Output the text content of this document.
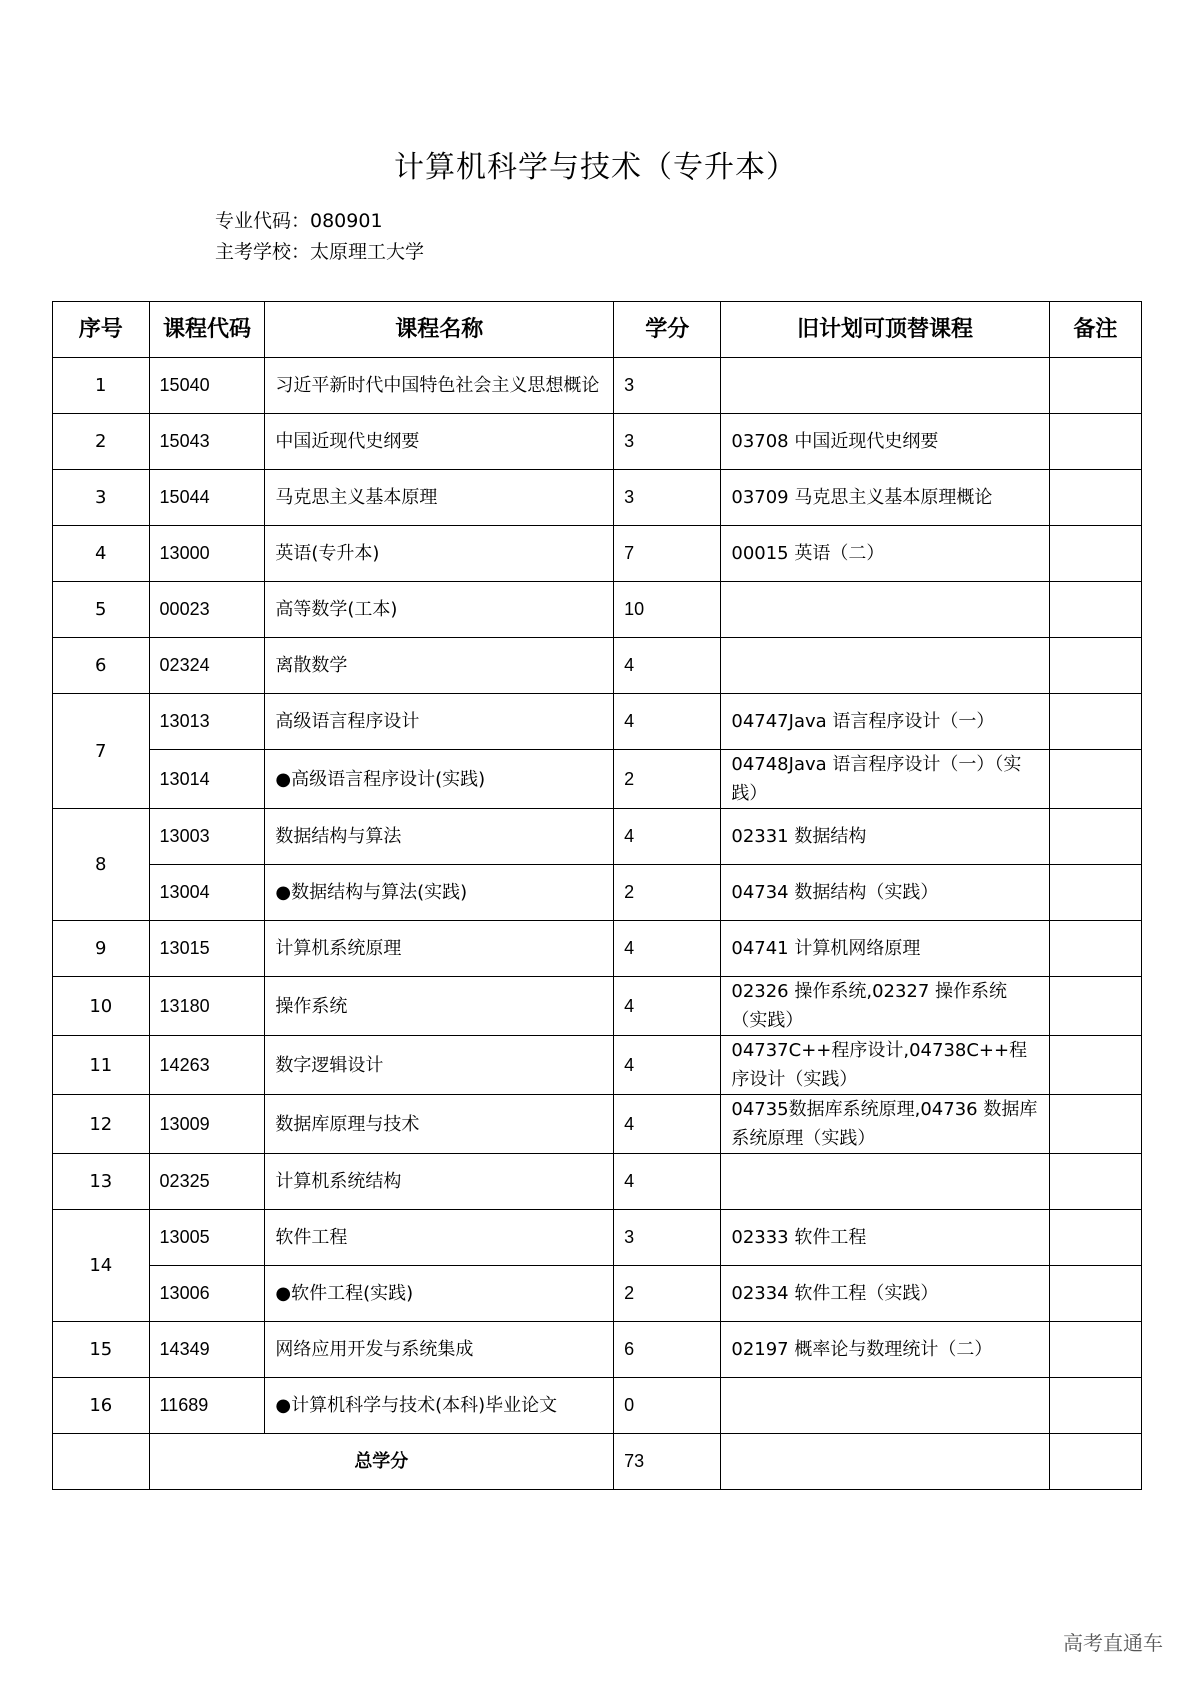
计算机科学与技术（专升本）
专业代码：080901
主考学校：太原理工大学
序号	课程代码	课程名称	学分	旧计划可顶替课程	备注
1	15040	习近平新时代中国特色社会主义思想概论	3		
2	15043	中国近现代史纲要	3	03708 中国近现代史纲要	
3	15044	马克思主义基本原理	3	03709 马克思主义基本原理概论	
4	13000	英语(专升本)	7	00015 英语（二）	
5	00023	高等数学(工本)	10		
6	02324	离散数学	4		
7	13013	高级语言程序设计	4	04747Java 语言程序设计（一）	
	13014	●高级语言程序设计(实践)	2	04748Java 语言程序设计（一）（实践）	
8	13003	数据结构与算法	4	02331 数据结构	
	13004	●数据结构与算法(实践)	2	04734 数据结构（实践）	
9	13015	计算机系统原理	4	04741 计算机网络原理	
10	13180	操作系统	4	02326 操作系统,02327 操作系统（实践）	
11	14263	数字逻辑设计	4	04737C++程序设计,04738C++程序设计（实践）	
12	13009	数据库原理与技术	4	04735数据库系统原理,04736 数据库系统原理（实践）	
13	02325	计算机系统结构	4		
14	13005	软件工程	3	02333 软件工程	
	13006	●软件工程(实践)	2	02334 软件工程（实践）	
15	14349	网络应用开发与系统集成	6	02197 概率论与数理统计（二）	
16	11689	●计算机科学与技术(本科)毕业论文	0		
	总学分		73		
高考直通车
